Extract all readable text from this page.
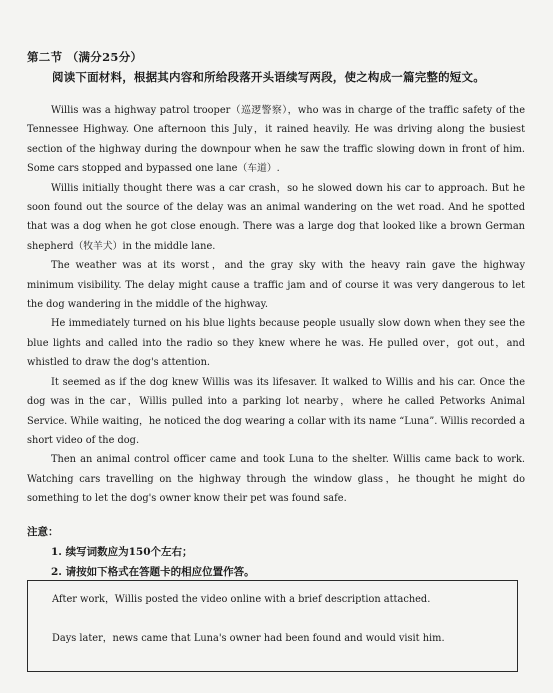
第二节 （满分25分）
阅读下面材料，根据其内容和所给段落开头语续写两段，使之构成一篇完整的短文。

Willis was a highway patrol trooper（巡逻警察），who was in charge of the traffic safety of the Tennessee Highway. One afternoon this July，it rained heavily. He was driving along the busiest section of the highway during the downpour when he saw the traffic slowing down in front of him. Some cars stopped and bypassed one lane（车道）.

Willis initially thought there was a car crash，so he slowed down his car to approach. But he soon found out the source of the delay was an animal wandering on the wet road. And he spotted that was a dog when he got close enough. There was a large dog that looked like a brown German shepherd（牧羊犬）in the middle lane.

The weather was at its worst，and the gray sky with the heavy rain gave the highway minimum visibility. The delay might cause a traffic jam and of course it was very dangerous to let the dog wandering in the middle of the highway.

He immediately turned on his blue lights because people usually slow down when they see the blue lights and called into the radio so they knew where he was. He pulled over，got out，and whistled to draw the dog's attention.

It seemed as if the dog knew Willis was its lifesaver. It walked to Willis and his car. Once the dog was in the car，Willis pulled into a parking lot nearby，where he called Petworks Animal Service. While waiting，he noticed the dog wearing a collar with its name “Luna”. Willis recorded a short video of the dog.

Then an animal control officer came and took Luna to the shelter. Willis came back to work. Watching cars travelling on the highway through the window glass，he thought he might do something to let the dog's owner know their pet was found safe.

注意：
1. 续写词数应为150个左右；
2. 请按如下格式在答题卡的相应位置作答。
After work，Willis posted the video online with a brief description attached.
Days later，news came that Luna's owner had been found and would visit him.
